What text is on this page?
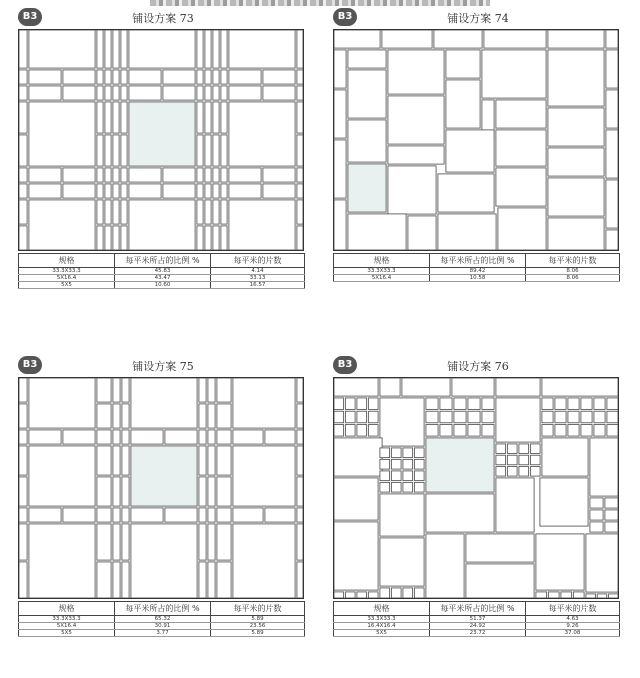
B3	铺设方案 73
规格	每平米所占的比例 %	每平米的片数
33.3X33.3	45.83	4.14
5X16.4	43.47	33.13
5X5	10.60	16.57
B3	铺设方案 74
规格	每平米所占的比例 %	每平米的片数
33.3X33.3	89.42	8.06
5X16.4	10.58	8.06
B3	铺设方案 75
规格	每平米所占的比例 %	每平米的片数
33.3X33.3	65.32	5.89
5X16.4	30.91	23.56
5X5	3.77	5.89
B3	铺设方案 76
规格	每平米所占的比例 %	每平米的片数
33.3X33.3	51.37	4.63
16.4X16.4	24.92	9.26
5X5	23.72	37.08
